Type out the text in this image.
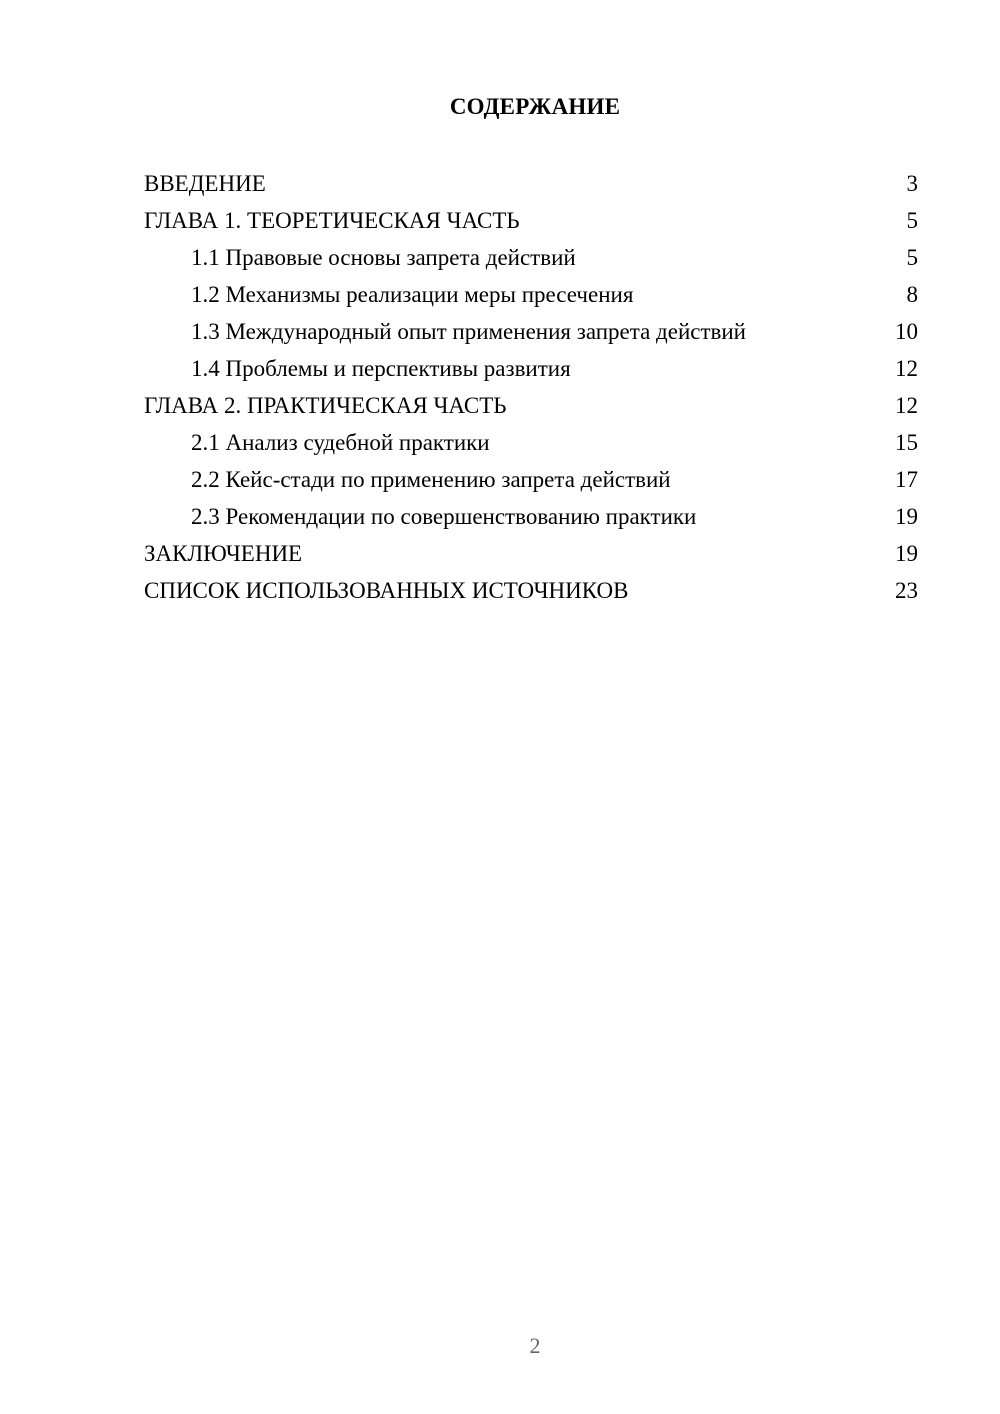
СОДЕРЖАНИЕ
ВВЕДЕНИЕ	3
ГЛАВА 1. ТЕОРЕТИЧЕСКАЯ ЧАСТЬ	5
1.1 Правовые основы запрета действий	5
1.2 Механизмы реализации меры пресечения	8
1.3 Международный опыт применения запрета действий	10
1.4 Проблемы и перспективы развития	12
ГЛАВА 2. ПРАКТИЧЕСКАЯ ЧАСТЬ	12
2.1 Анализ судебной практики	15
2.2 Кейс-стади по применению запрета действий	17
2.3 Рекомендации по совершенствованию практики	19
ЗАКЛЮЧЕНИЕ	19
СПИСОК ИСПОЛЬЗОВАННЫХ ИСТОЧНИКОВ	23
2
